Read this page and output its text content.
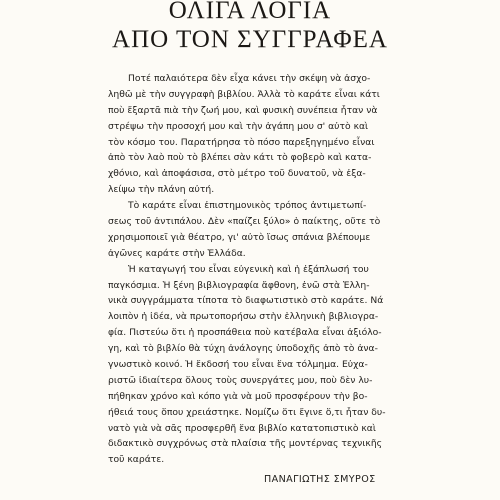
ΟΛΙΓΑ ΛΟΓΙΑ
ΑΠΟ ΤΟΝ ΣΥΓΓΡΑΦΕΑ
Ποτέ παλαιότερα δὲν εἶχα κάνει τὴν σκέψη νὰ ἀσχο-
ληθῶ μὲ τὴν συγγραφὴ βιβλίου. Ἀλλὰ τὸ καράτε εἶναι κάτι
ποὺ ἔξαρτᾶ πιὰ τὴν ζωή μου, καὶ φυσικὴ συνέπεια ἦταν νὰ
στρέψω τὴν προσοχή μου καὶ τὴν ἀγάπη μου σ' αὐτὸ καὶ
τὸν κόσμο του. Παρατήρησα τὸ πόσο παρεξηγημένο εἶναι
ἀπὸ τὸν λαὸ ποὺ τὸ βλέπει σὰν κάτι τὸ φοβερὸ καὶ κατα-
χθόνιο, καὶ ἀποφάσισα, στὸ μέτρο τοῦ δυνατοῦ, νὰ ἐξα-
λείψω τὴν πλάνη αὐτή.
Τὸ καράτε εἶναι ἐπιστημονικὸς τρόπος ἀντιμετωπί-
σεως τοῦ ἀντιπάλου. Δὲν «παίζει ξύλο» ὁ παίκτης, οὔτε τὸ
χρησιμοποιεῖ γιὰ θέατρο, γι' αὐτὸ ἴσως σπάνια βλέπουμε
ἀγῶνες καράτε στὴν Ἑλλάδα.
Ἡ καταγωγή του εἶναι εὐγενικὴ καὶ ἡ ἐξάπλωσή του
παγκόσμια. Ἡ ξένη βιβλιογραφία ἄφθονη, ἐνῶ στὰ Ἑλλη-
νικὰ συγγράμματα τίποτα τὸ διαφωτιστικὸ στὸ καράτε. Νά
λοιπὸν ἡ ἰδέα, νὰ πρωτοπορήσω στὴν ἑλληνικὴ βιβλιογρα-
φία. Πιστεύω ὅτι ἡ προσπάθεια ποὺ κατέβαλα εἶναι ἀξιόλο-
γη, καὶ τὸ βιβλίο θὰ τύχη ἀνάλογης ὑποδοχῆς ἀπὸ τὸ ἀνα-
γνωστικὸ κοινό. Ἡ ἔκδοσή του εἶναι ἕνα τόλμημα. Εὐχα-
ριστῶ ἰδιαίτερα ὅλους τοὺς συνεργάτες μου, ποὺ δὲν λυ-
πήθηκαν χρόνο καὶ κόπο γιὰ νὰ μοῦ προσφέρουν τὴν βο-
ήθειά τους ὅπου χρειάστηκε. Νομίζω ὅτι ἔγινε ὅ,τι ἦταν δυ-
νατὸ γιὰ νὰ σᾶς προσφερθῆ ἕνα βιβλίο κατατοπιστικὸ καὶ
διδακτικὸ συγχρόνως στὰ πλαίσια τῆς μοντέρνας τεχνικῆς
τοῦ καράτε.
ΠΑΝΑΓΙΩΤΗΣ ΣΜΥΡΟΣ
